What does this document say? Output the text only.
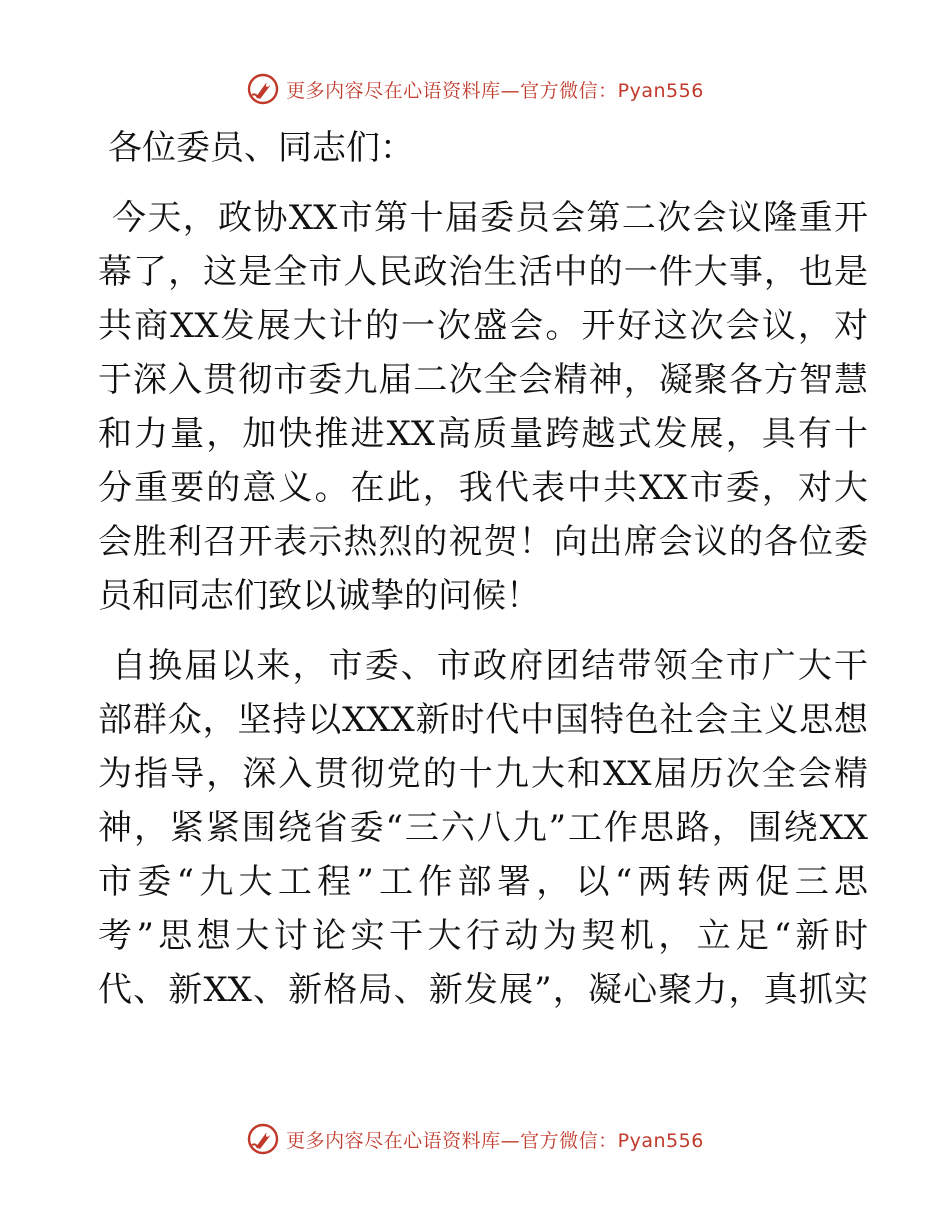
更多内容尽在心语资料库—官方微信：Pyan556
各位委员、同志们：
今天，政协XX市第十届委员会第二次会议隆重开
幕了，这是全市人民政治生活中的一件大事，也是
共商XX发展大计的一次盛会。开好这次会议，对
于深入贯彻市委九届二次全会精神，凝聚各方智慧
和力量，加快推进XX高质量跨越式发展，具有十
分重要的意义。在此，我代表中共XX市委，对大
会胜利召开表示热烈的祝贺！向出席会议的各位委
员和同志们致以诚挚的问候！
自换届以来，市委、市政府团结带领全市广大干
部群众，坚持以XXX新时代中国特色社会主义思想
为指导，深入贯彻党的十九大和XX届历次全会精
神，紧紧围绕省委“三六八九”工作思路，围绕XX
市委“九大工程”工作部署，以“两转两促三思
考”思想大讨论实干大行动为契机，立足“新时
代、新XX、新格局、新发展”，凝心聚力，真抓实
更多内容尽在心语资料库—官方微信：Pyan556
